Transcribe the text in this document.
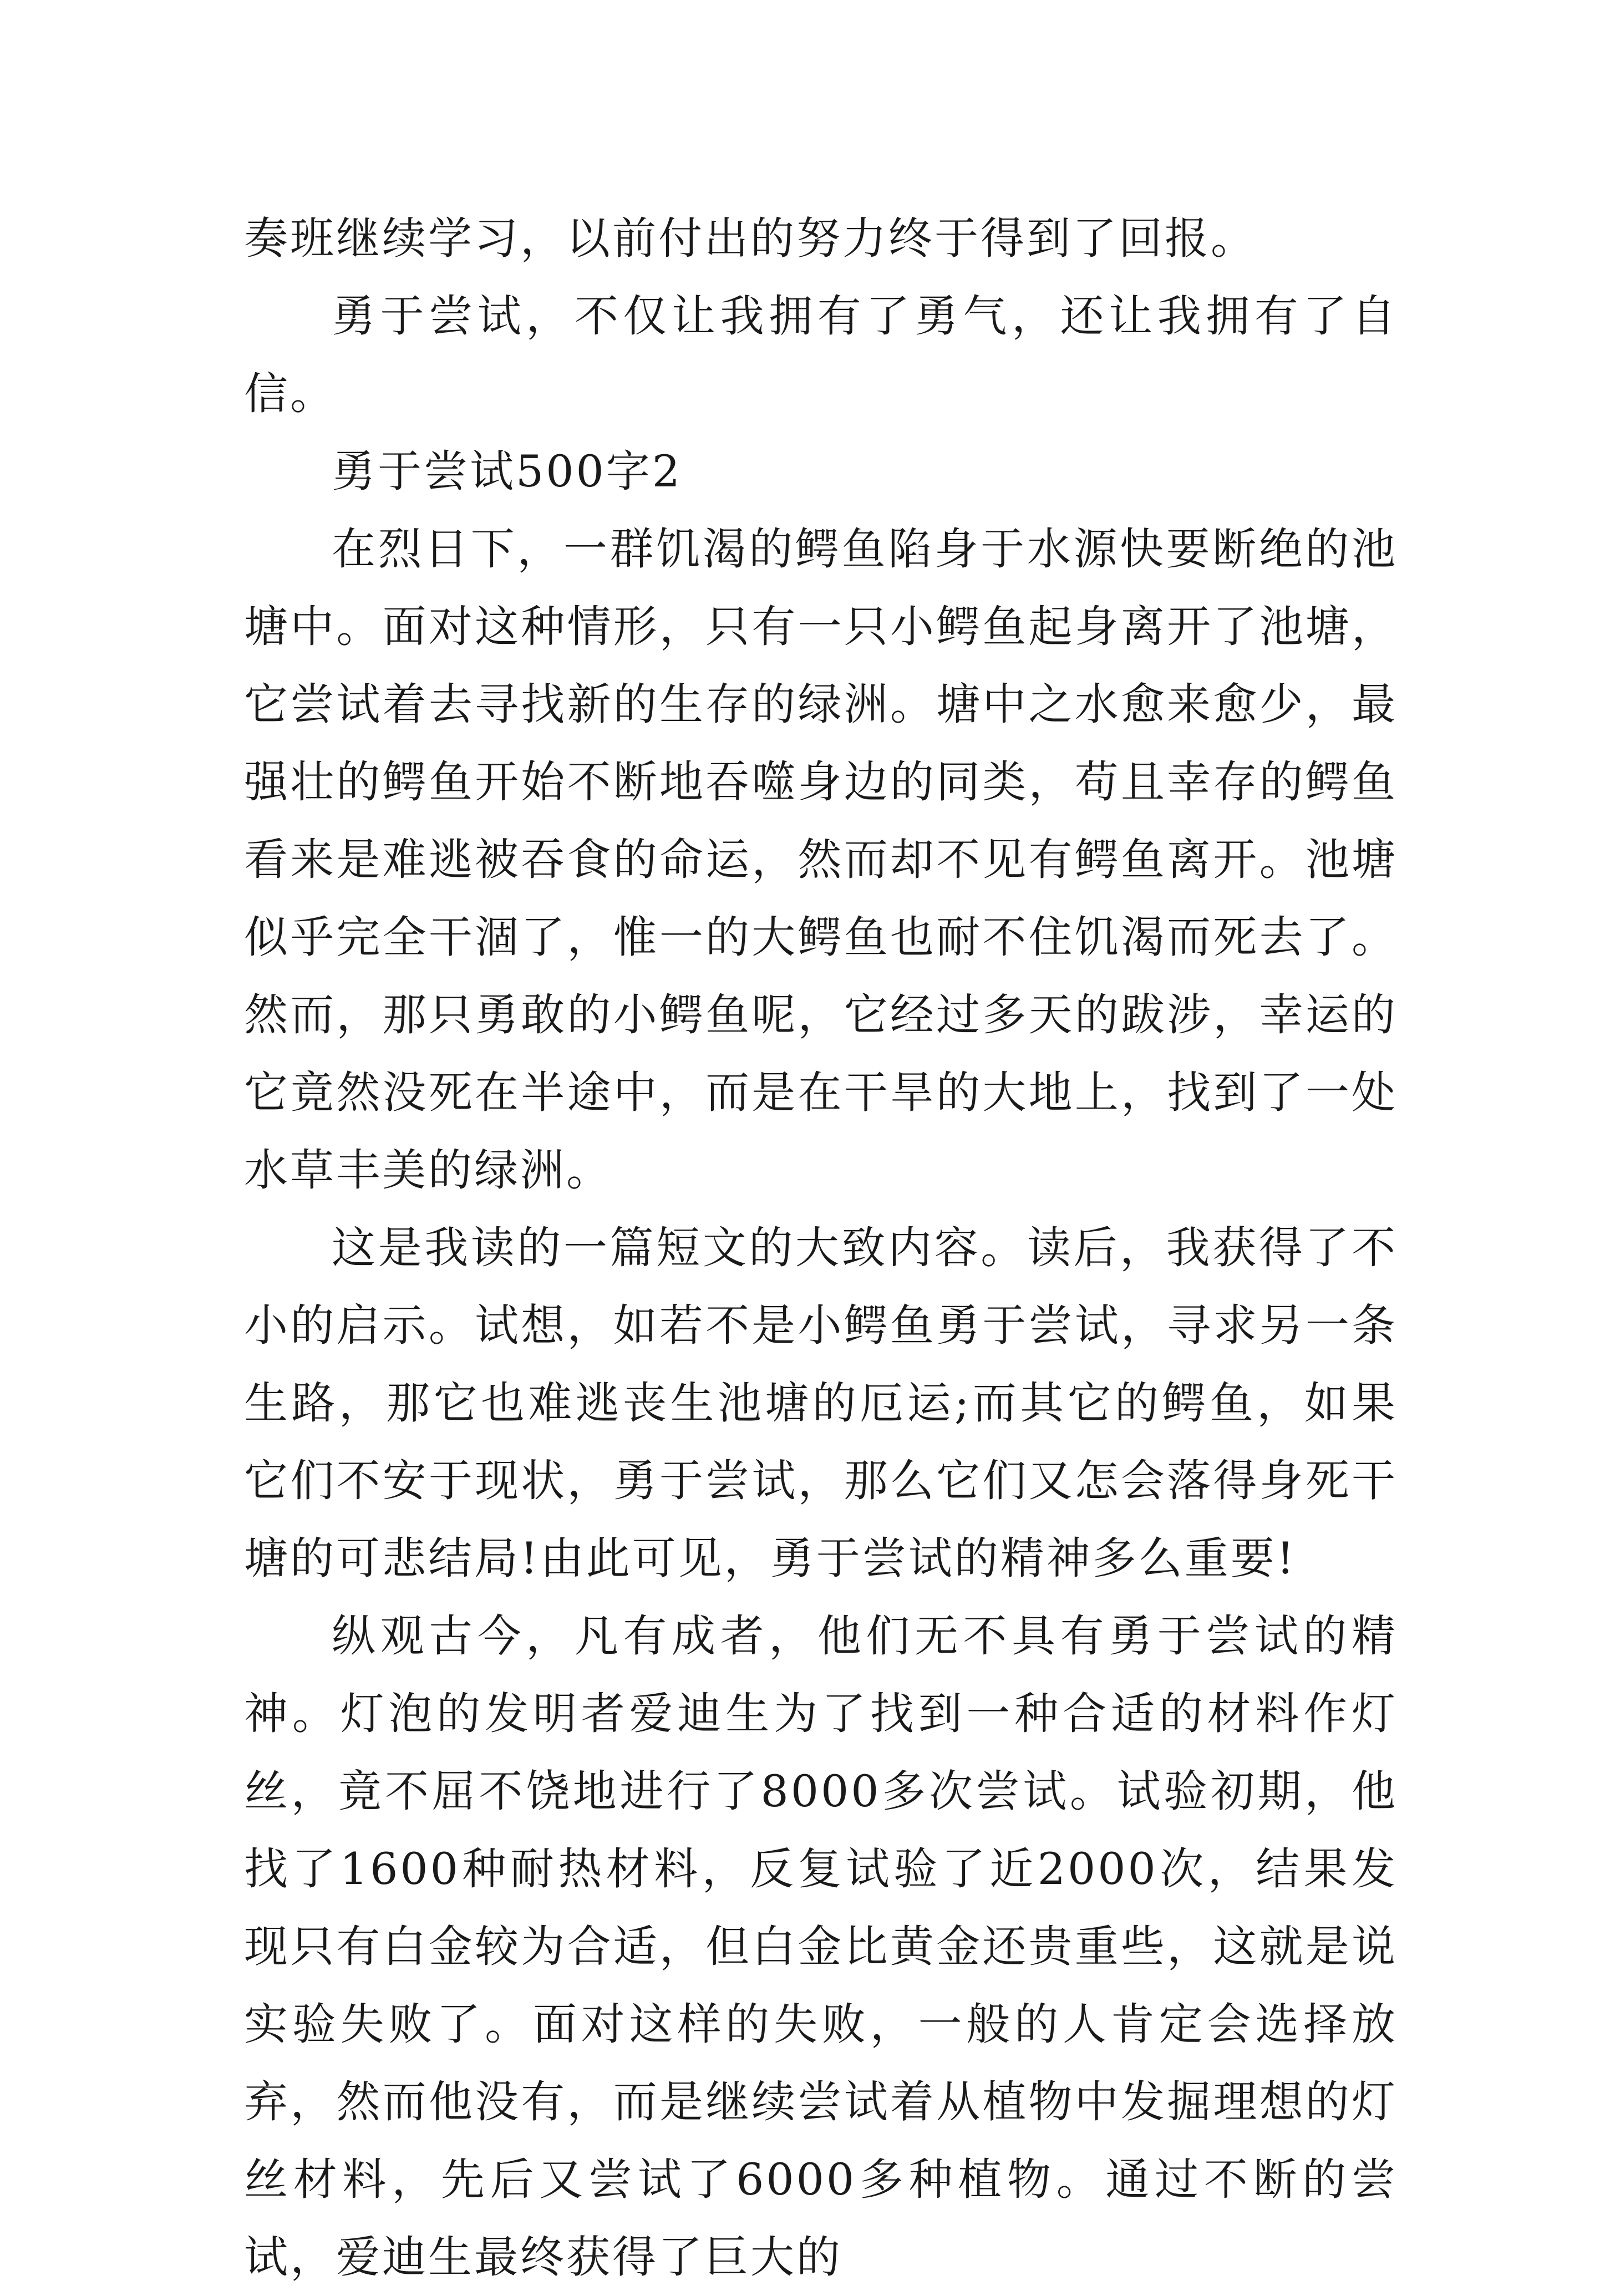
奏班继续学习，以前付出的努力终于得到了回报。

勇于尝试，不仅让我拥有了勇气，还让我拥有了自信。

勇于尝试500字2

在烈日下，一群饥渴的鳄鱼陷身于水源快要断绝的池塘中。面对这种情形，只有一只小鳄鱼起身离开了池塘，它尝试着去寻找新的生存的绿洲。塘中之水愈来愈少，最强壮的鳄鱼开始不断地吞噬身边的同类，苟且幸存的鳄鱼看来是难逃被吞食的命运，然而却不见有鳄鱼离开。池塘似乎完全干涸了，惟一的大鳄鱼也耐不住饥渴而死去了。然而，那只勇敢的小鳄鱼呢，它经过多天的跋涉，幸运的它竟然没死在半途中，而是在干旱的大地上，找到了一处水草丰美的绿洲。

这是我读的一篇短文的大致内容。读后，我获得了不小的启示。试想，如若不是小鳄鱼勇于尝试，寻求另一条生路，那它也难逃丧生池塘的厄运;而其它的鳄鱼，如果它们不安于现状，勇于尝试，那么它们又怎会落得身死干塘的可悲结局!由此可见，勇于尝试的精神多么重要!

纵观古今，凡有成者，他们无不具有勇于尝试的精神。灯泡的发明者爱迪生为了找到一种合适的材料作灯丝，竟不屈不饶地进行了8000多次尝试。试验初期，他找了1600种耐热材料，反复试验了近2000次，结果发现只有白金较为合适，但白金比黄金还贵重些，这就是说实验失败了。面对这样的失败，一般的人肯定会选择放弃，然而他没有，而是继续尝试着从植物中发掘理想的灯丝材料，先后又尝试了6000多种植物。通过不断的尝试，爱迪生最终获得了巨大的
